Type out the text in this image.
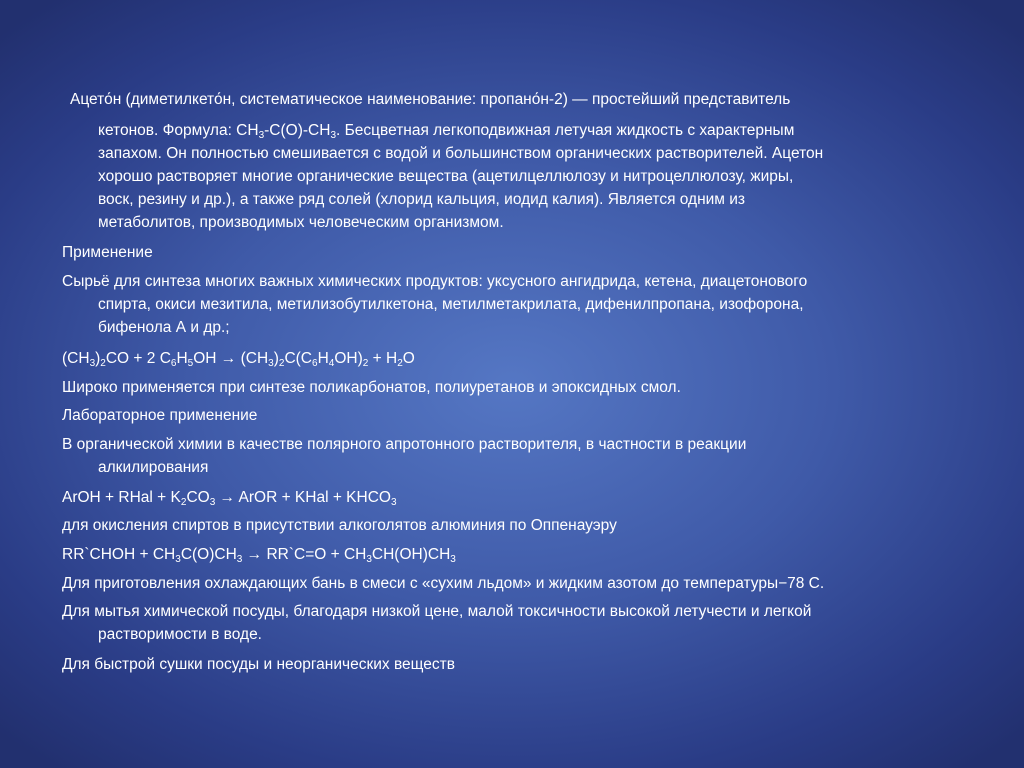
Ацето́н (диметилкето́н, систематическое наименование: пропано́н-2) — простейший представитель
кетонов. Формула: $CH_3-C(O)-CH_3$. Бесцветная легкоподвижная летучая жидкость с характерным
запахом. Он полностью смешивается с водой и большинством органических растворителей. Ацетон
хорошо растворяет многие органические вещества (ацетилцеллюлозу и нитроцеллюлозу, жиры,
воск, резину и др.), а также ряд солей (хлорид кальция, иодид калия). Является одним из
метаболитов, производимых человеческим организмом.
Применение
Сырьё для синтеза многих важных химических продуктов: уксусного ангидрида, кетена, диацетонового
спирта, окиси мезитила, метилизобутилкетона, метилметакрилата, дифенилпропана, изофорона,
бифенола А и др.;
$(CH_3)_2CO + 2$ $C_6H_5OH \to (CH_3)_2C(C_6H_4OH)_2 + H_2O$
Широко применяется при синтезе поликарбонатов, полиуретанов и эпоксидных смол.
Лабораторное применение
В органической химии в качестве полярного апротонного растворителя, в частности в реакции
алкилирования
ArOH + RHal + $K_2CO_3$ → ArOR + KHal + $KHCO_3$
для окисления спиртов в присутствии алкоголятов алюминия по Оппенауэру
RR`CHOH + $CH_3C(O)CH_3$ → RR`C=O + $CH_3CH(OH)CH_3$
Для приготовления охлаждающих бань в смеси с «сухим льдом» и жидким азотом до температуры−78 С.
Для мытья химической посуды, благодаря низкой цене, малой токсичности высокой летучести и легкой
растворимости в воде.
Для быстрой сушки посуды и неорганических веществ
